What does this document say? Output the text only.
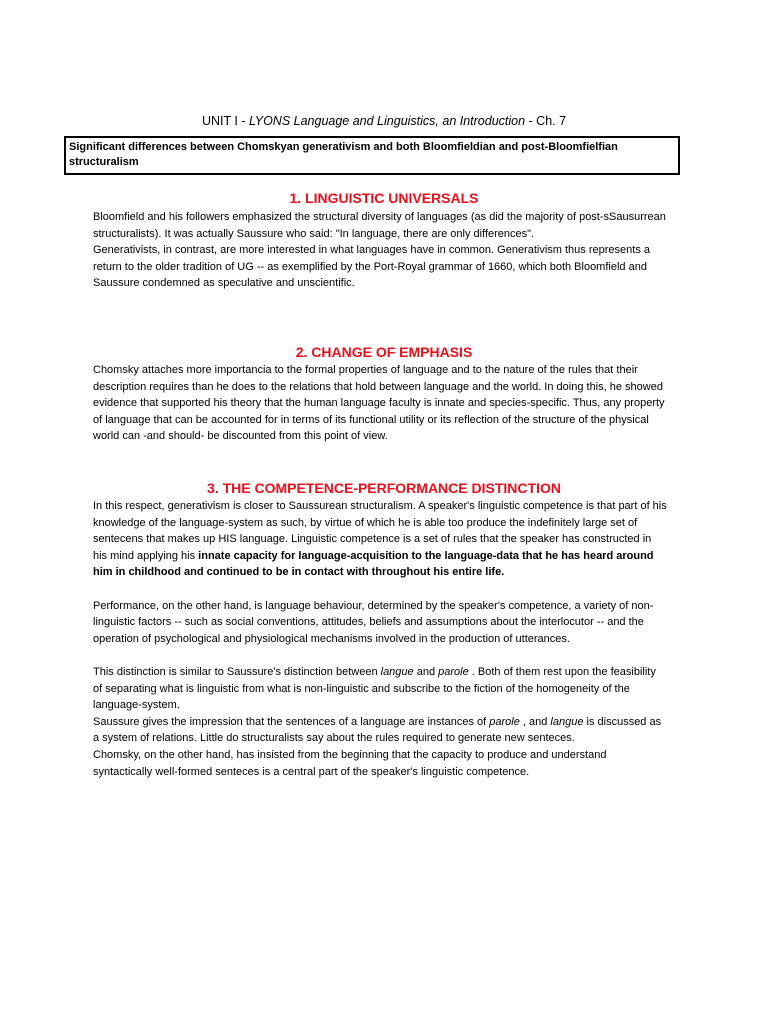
UNIT I - LYONS Language and Linguistics, an Introduction - Ch. 7
Significant differences between Chomskyan generativism and both Bloomfieldian and post-Bloomfielfian structuralism
1. LINGUISTIC UNIVERSALS

Bloomfield and his followers emphasized the structural diversity of languages (as did the majority of post-sSausurrean structuralists). It was actually Saussure who said: "In language, there are only differences".

Generativists, in contrast, are more interested in what languages have in common. Generativism thus represents a return to the older tradition of UG -- as exemplified by the Port-Royal grammar of 1660, which both Bloomfield and Saussure condemned as speculative and unscientific.

2. CHANGE OF EMPHASIS

Chomsky attaches more importancia to the formal properties of language and to the nature of the rules that their description requires than he does to the relations that hold between language and the world. In doing this, he showed evidence that supported his theory that the human language faculty is innate and species-specific. Thus, any property of language that can be accounted for in terms of its functional utility or its reflection of the structure of the physical world can -and should- be discounted from this point of view.

3. THE COMPETENCE-PERFORMANCE DISTINCTION

In this respect, generativism is closer to Saussurean structuralism. A speaker's linguistic competence is that part of his knowledge of the language-system as such, by virtue of which he is able too produce the indefinitely large set of sentecens that makes up HIS language. Linguistic competence is a set of rules that the speaker has constructed in his mind applying his innate capacity for language-acquisition to the language-data that he has heard around him in childhood and continued to be in contact with throughout his entire life.

Performance, on the other hand, is language behaviour, determined by the speaker's competence, a variety of non-linguistic factors -- such as social conventions, attitudes, beliefs and assumptions about the interlocutor -- and the operation of psychological and physiological mechanisms involved in the production of utterances.

This distinction is similar to Saussure's distinction between langue and parole . Both of them rest upon the feasibility of separating what is linguistic from what is non-linguistic and subscribe to the fiction of the homogeneity of the language-system.

Saussure gives the impression that the sentences of a language are instances of parole , and langue is discussed as a system of relations. Little do structuralists say about the rules required to generate new senteces.

Chomsky, on the other hand, has insisted from the beginning that the capacity to produce and understand syntactically well-formed senteces is a central part of the speaker's linguistic competence.
